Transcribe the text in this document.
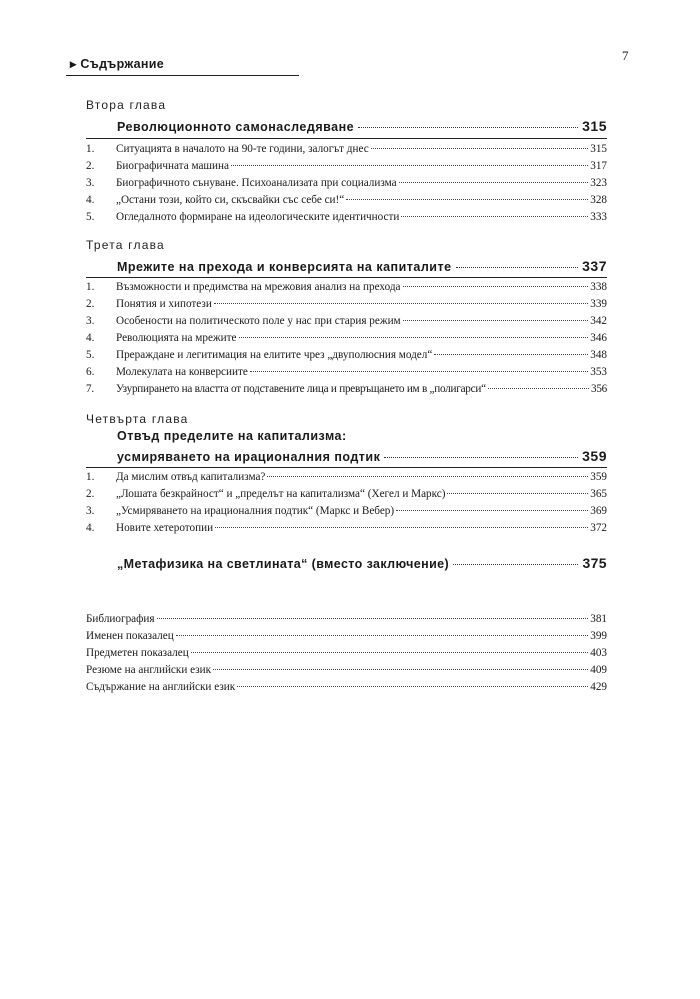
▸ Съдържание
7
Втора глава
Революционното самонаследяване	315
1.	Ситуацията в началото на 90-те години, залогът днес	315
2.	Биографичната машина	317
3.	Биографичното сънуване. Психоанализата при социализма	323
4.	„Остани този, който си, скъсвайки със себе си!“	328
5.	Огледалното формиране на идеологическите идентичности	333
Трета глава
Мрежите на прехода и конверсията на капиталите	337
1.	Възможности и предимства на мрежовия анализ на прехода	338
2.	Понятия и хипотези	339
3.	Особености на политическото поле у нас при стария режим	342
4.	Революцията на мрежите	346
5.	Прераждане и легитимация на елитите чрез „двуполюсния модел“	348
6.	Молекулата на конверсиите	353
7.	Узурпирането на властта от подставените лица и превръщането им в „полигарси“	356
Четвърта глава
Отвъд пределите на капитализма:
усмиряването на ирационалния подтик	359
1.	Да мислим отвъд капитализма?	359
2.	„Лошата безкрайност“ и „пределът на капитализма“ (Хегел и Маркс)	365
3.	„Усмиряването на ирационалния подтик“ (Маркс и Вебер)	369
4.	Новите хетеротопии	372
„Метафизика на светлината“ (вместо заключение)	375
Библиография	381
Именен показалец	399
Предметен показалец	403
Резюме на английски език	409
Съдържание на английски език	429
